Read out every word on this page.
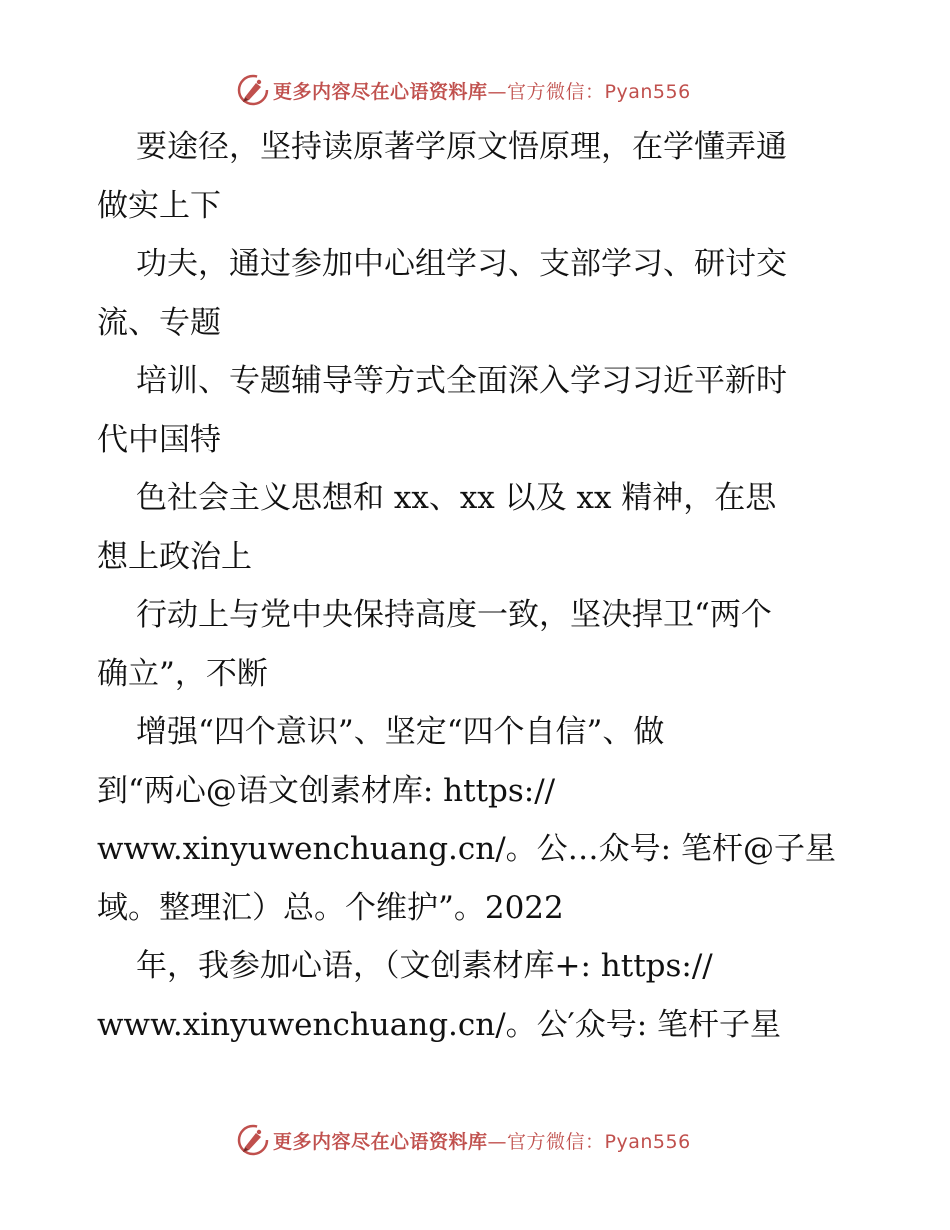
更多内容尽在心语资料库—官方微信：Pyan556
要途径，坚持读原著学原文悟原理，在学懂弄通
做实上下
功夫，通过参加中心组学习、支部学习、研讨交
流、专题
培训、专题辅导等方式全面深入学习习近平新时
代中国特
色社会主义思想和 xx、xx 以及 xx 精神，在思
想上政治上
行动上与党中央保持高度一致，坚决捍卫“两个
确立”，不断
增强“四个意识”、坚定“四个自信”、做
到“两心@语文创素材库: https://
www.xinyuwenchuang.cn/。公…众号: 笔杆@子星
域。整理汇）总。个维护”。2022
年，我参加心语，（文创素材库+: https://
www.xinyuwenchuang.cn/。公′众号: 笔杆子星
更多内容尽在心语资料库—官方微信：Pyan556
